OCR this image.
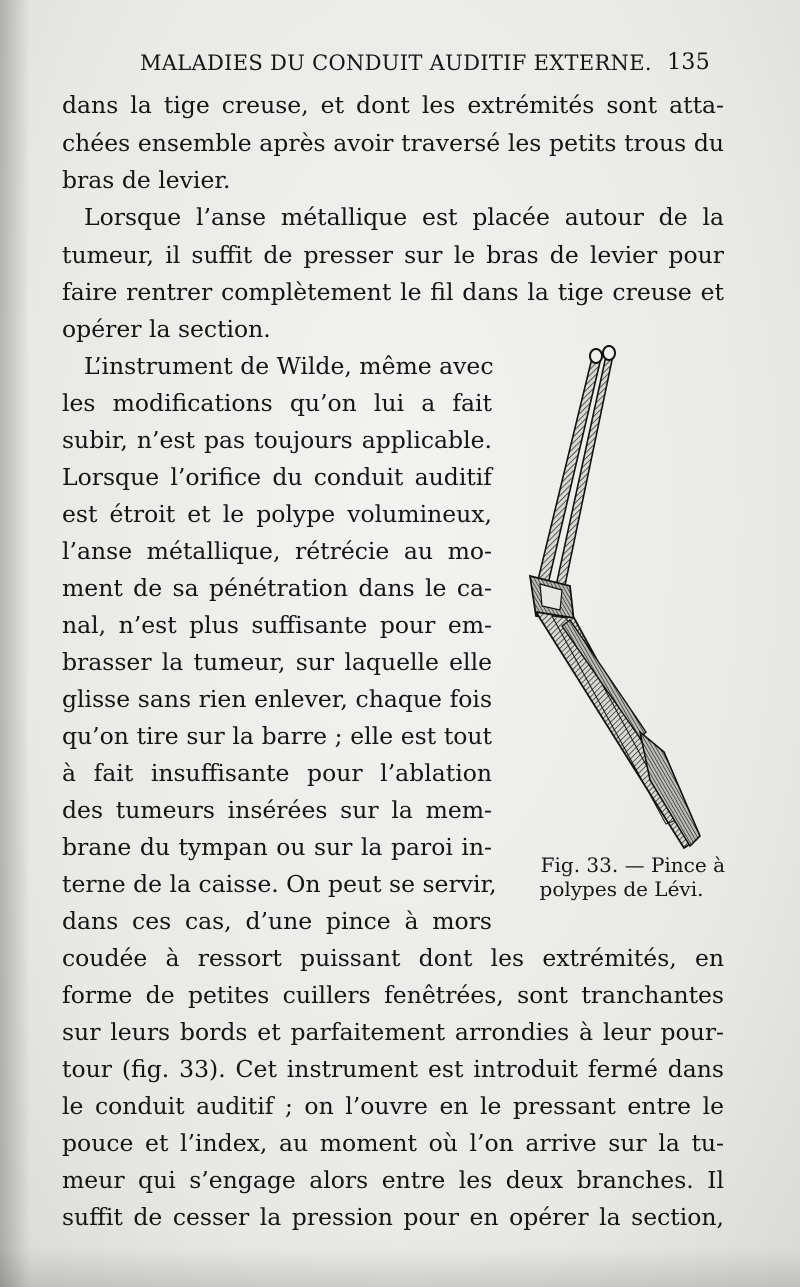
MALADIES DU CONDUIT AUDITIF EXTERNE. 135
dans la tige creuse, et dont les extrémités sont atta-
chées ensemble après avoir traversé les petits trous du
bras de levier.
Lorsque l’anse métallique est placée autour de la
tumeur, il suffit de presser sur le bras de levier pour
faire rentrer complètement le fil dans la tige creuse et
opérer la section.
L’instrument de Wilde, même avec
les modifications qu’on lui a fait
subir, n’est pas toujours applicable.
Lorsque l’orifice du conduit auditif
est étroit et le polype volumineux,
l’anse métallique, rétrécie au mo-
ment de sa pénétration dans le ca-
nal, n’est plus suffisante pour em-
brasser la tumeur, sur laquelle elle
glisse sans rien enlever, chaque fois
qu’on tire sur la barre ; elle est tout
à fait insuffisante pour l’ablation
des tumeurs insérées sur la mem-
brane du tympan ou sur la paroi in-
terne de la caisse. On peut se servir,
dans ces cas, d’une pince à mors
coudée à ressort puissant dont les extrémités, en
forme de petites cuillers fenêtrées, sont tranchantes
sur leurs bords et parfaitement arrondies à leur pour-
tour (fig. 33). Cet instrument est introduit fermé dans
le conduit auditif ; on l’ouvre en le pressant entre le
pouce et l’index, au moment où l’on arrive sur la tu-
meur qui s’engage alors entre les deux branches. Il
suffit de cesser la pression pour en opérer la section,
Fig. 33. — Pince à
polypes de Lévi.
